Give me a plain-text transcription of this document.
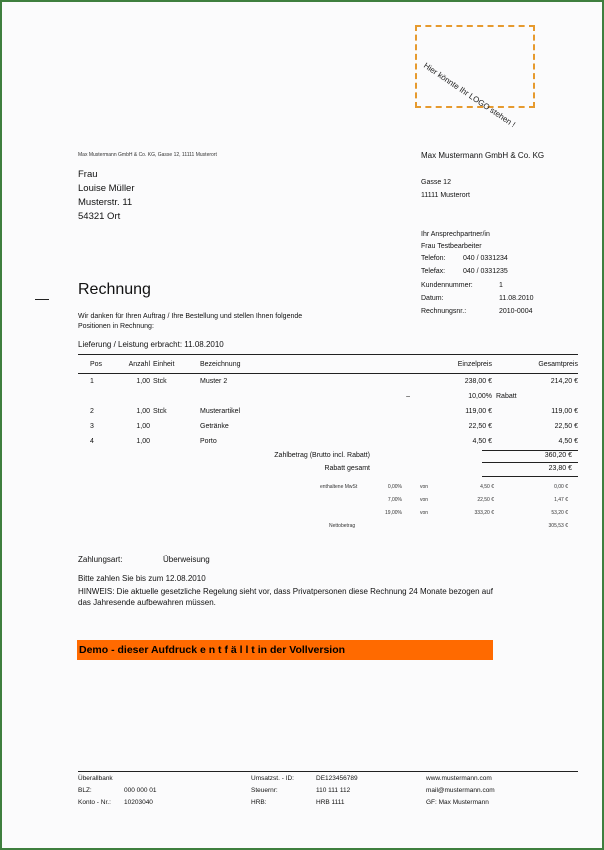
Hier könnte Ihr LOGO stehen !
Max Mustermann GmbH & Co. KG, Gasse 12, 11111 Musterort
Frau
Louise Müller
Musterstr. 11
54321 Ort
Max Mustermann GmbH & Co. KG
Gasse 12
11111 Musterort
Ihr Ansprechpartner/in
Frau Testbearbeiter
Telefon: 040 / 0331234
Telefax:	040 / 0331235
Kundennummer:	1
Datum:	11.08.2010
Rechnungsnr.:	2010-0004
Rechnung
Wir danken für Ihren Auftrag / Ihre Bestellung und stellen Ihnen folgende
Positionen in Rechnung:
Lieferung / Leistung erbracht: 11.08.2010
Pos	Anzahl	Einheit	Bezeichnung	Einzelpreis	Gesamtpreis
1	1,00	Stck	Muster 2	238,00 €	214,20 €
			–	10,00%	Rabatt
2	1,00	Stck	Musterartikel	119,00 €	119,00 €
3	1,00		Getränke	22,50 €	22,50 €
4	1,00		Porto	4,50 €	4,50 €
Zahlbetrag (Brutto incl. Rabatt)	360,20 €
Rabatt gesamt	23,80 €
enthaltene MwSt	0,00%	von	4,50 €	0,00 €
7,00%	von	22,50 €	1,47 €
19,00%	von	333,20 €	53,20 €
Nettobetrag	305,53 €
Zahlungsart:	Überweisung
Bitte zahlen Sie bis zum 12.08.2010
HINWEIS: Die aktuelle gesetzliche Regelung sieht vor, dass Privatpersonen diese Rechnung 24 Monate bezogen auf
das Jahresende aufbewahren müssen.
Demo - dieser Aufdruck e n t f ä l l t in der Vollversion
Überallbank
BLZ:	000 000 01
Konto - Nr.: 10203040
Umsatzst. - ID:	DE123456789
Steuernr:	110 111 112
HRB:	HRB 1111
www.mustermann.com
mail@mustermann.com
GF: Max Mustermann
